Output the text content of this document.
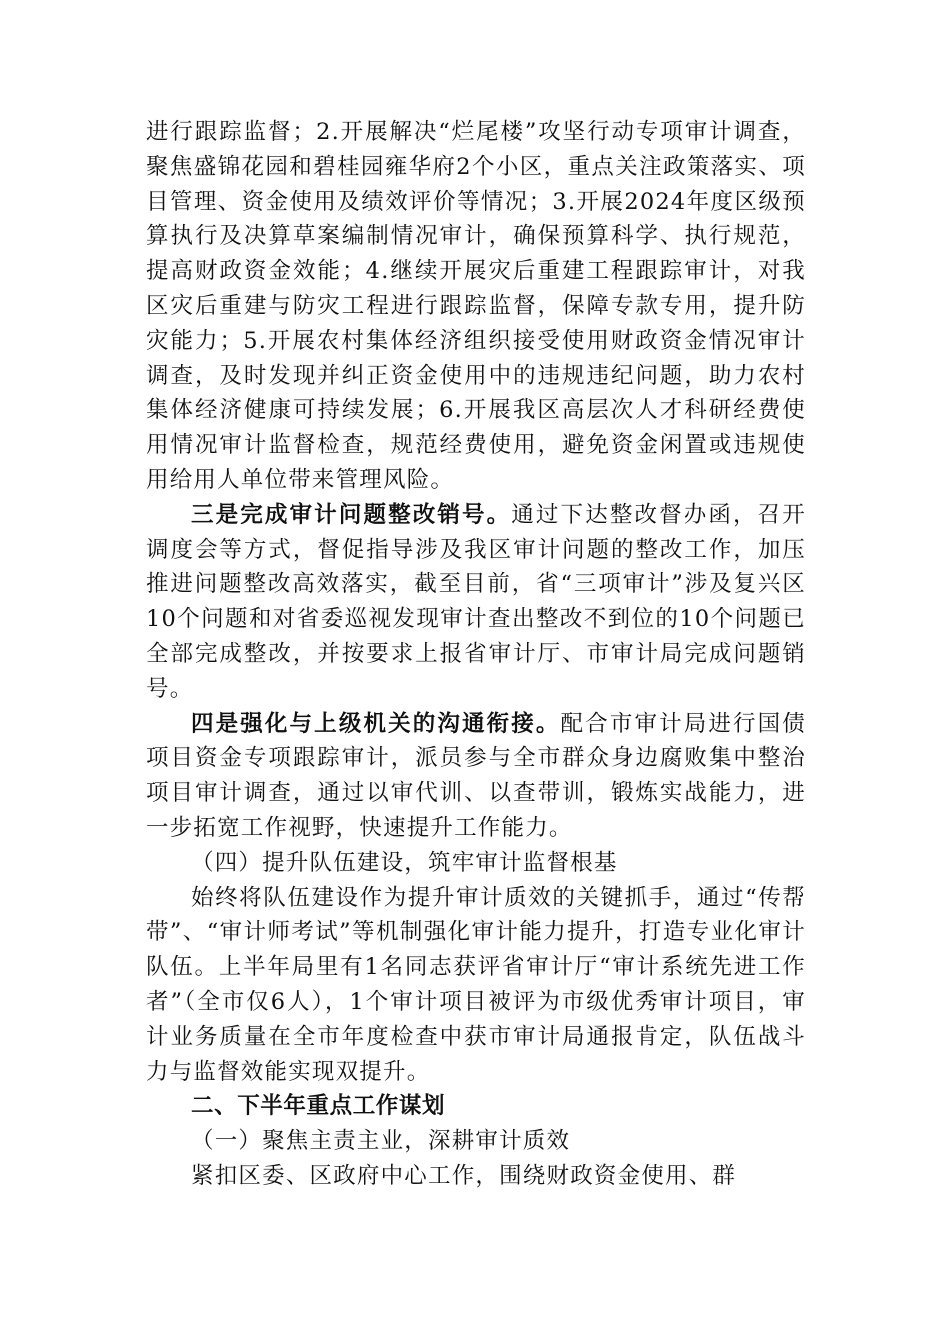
进行跟踪监督；2.开展解决“烂尾楼”攻坚行动专项审计调查，聚焦盛锦花园和碧桂园雍华府2个小区，重点关注政策落实、项目管理、资金使用及绩效评价等情况；3.开展2024年度区级预算执行及决算草案编制情况审计，确保预算科学、执行规范，提高财政资金效能；4.继续开展灾后重建工程跟踪审计，对我区灾后重建与防灾工程进行跟踪监督，保障专款专用，提升防灾能力；5.开展农村集体经济组织接受使用财政资金情况审计调查，及时发现并纠正资金使用中的违规违纪问题，助力农村集体经济健康可持续发展；6.开展我区高层次人才科研经费使用情况审计监督检查，规范经费使用，避免资金闲置或违规使用给用人单位带来管理风险。

三是完成审计问题整改销号。通过下达整改督办函，召开调度会等方式，督促指导涉及我区审计问题的整改工作，加压推进问题整改高效落实，截至目前，省“三项审计”涉及复兴区10个问题和对省委巡视发现审计查出整改不到位的10个问题已全部完成整改，并按要求上报省审计厅、市审计局完成问题销号。

四是强化与上级机关的沟通衔接。配合市审计局进行国债项目资金专项跟踪审计，派员参与全市群众身边腐败集中整治项目审计调查，通过以审代训、以查带训，锻炼实战能力，进一步拓宽工作视野，快速提升工作能力。

（四）提升队伍建设，筑牢审计监督根基

始终将队伍建设作为提升审计质效的关键抓手，通过“传帮带”、“审计师考试”等机制强化审计能力提升，打造专业化审计队伍。上半年局里有1名同志获评省审计厅“审计系统先进工作者”（全市仅6人），1个审计项目被评为市级优秀审计项目，审计业务质量在全市年度检查中获市审计局通报肯定，队伍战斗力与监督效能实现双提升。

二、下半年重点工作谋划

（一）聚焦主责主业，深耕审计质效

紧扣区委、区政府中心工作，围绕财政资金使用、群
